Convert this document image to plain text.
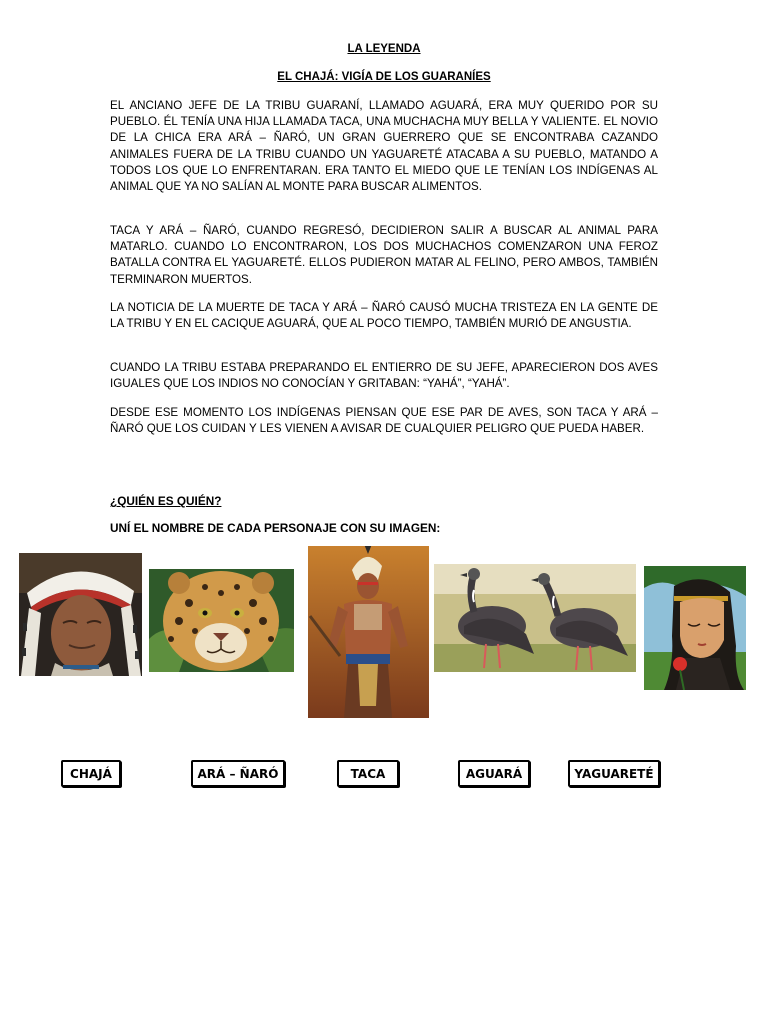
LA LEYENDA
EL CHAJÁ: VIGÍA DE LOS GUARANÍES

EL ANCIANO JEFE DE LA TRIBU GUARANÍ, LLAMADO AGUARÁ, ERA MUY QUERIDO POR SU PUEBLO. ÉL TENÍA UNA HIJA LLAMADA TACA, UNA MUCHACHA MUY BELLA Y VALIENTE. EL NOVIO DE LA CHICA ERA ARÁ – ÑARÓ, UN GRAN GUERRERO QUE SE ENCONTRABA CAZANDO ANIMALES FUERA DE LA TRIBU CUANDO UN YAGUARETÉ ATACABA A SU PUEBLO, MATANDO A TODOS LOS QUE LO ENFRENTARAN. ERA TANTO EL MIEDO QUE LE TENÍAN LOS INDÍGENAS AL ANIMAL QUE YA NO SALÍAN AL MONTE PARA BUSCAR ALIMENTOS.

TACA Y ARÁ – ÑARÓ, CUANDO REGRESÓ, DECIDIERON SALIR A BUSCAR AL ANIMAL PARA MATARLO. CUANDO LO ENCONTRARON, LOS DOS MUCHACHOS COMENZARON UNA FEROZ BATALLA CONTRA EL YAGUARETÉ. ELLOS PUDIERON MATAR AL FELINO, PERO AMBOS, TAMBIÉN TERMINARON MUERTOS.

LA NOTICIA DE LA MUERTE DE TACA Y ARÁ – ÑARÓ CAUSÓ MUCHA TRISTEZA EN LA GENTE DE LA TRIBU Y EN EL CACIQUE AGUARÁ, QUE AL POCO TIEMPO, TAMBIÉN MURIÓ DE ANGUSTIA.

CUANDO LA TRIBU ESTABA PREPARANDO EL ENTIERRO DE SU JEFE, APARECIERON DOS AVES IGUALES QUE LOS INDIOS NO CONOCÍAN Y GRITABAN: “YAHÁ”, “YAHÁ”.

DESDE ESE MOMENTO LOS INDÍGENAS PIENSAN QUE ESE PAR DE AVES, SON TACA Y ARÁ – ÑARÓ QUE LOS CUIDAN Y LES VIENEN A AVISAR DE CUALQUIER PELIGRO QUE PUEDA HABER.

¿QUIÉN ES QUIÉN?
UNÍ EL NOMBRE DE CADA PERSONAJE CON SU IMAGEN:
CHAJÁ	ARÁ – ÑARÓ	TACA	AGUARÁ	YAGUARETÉ
